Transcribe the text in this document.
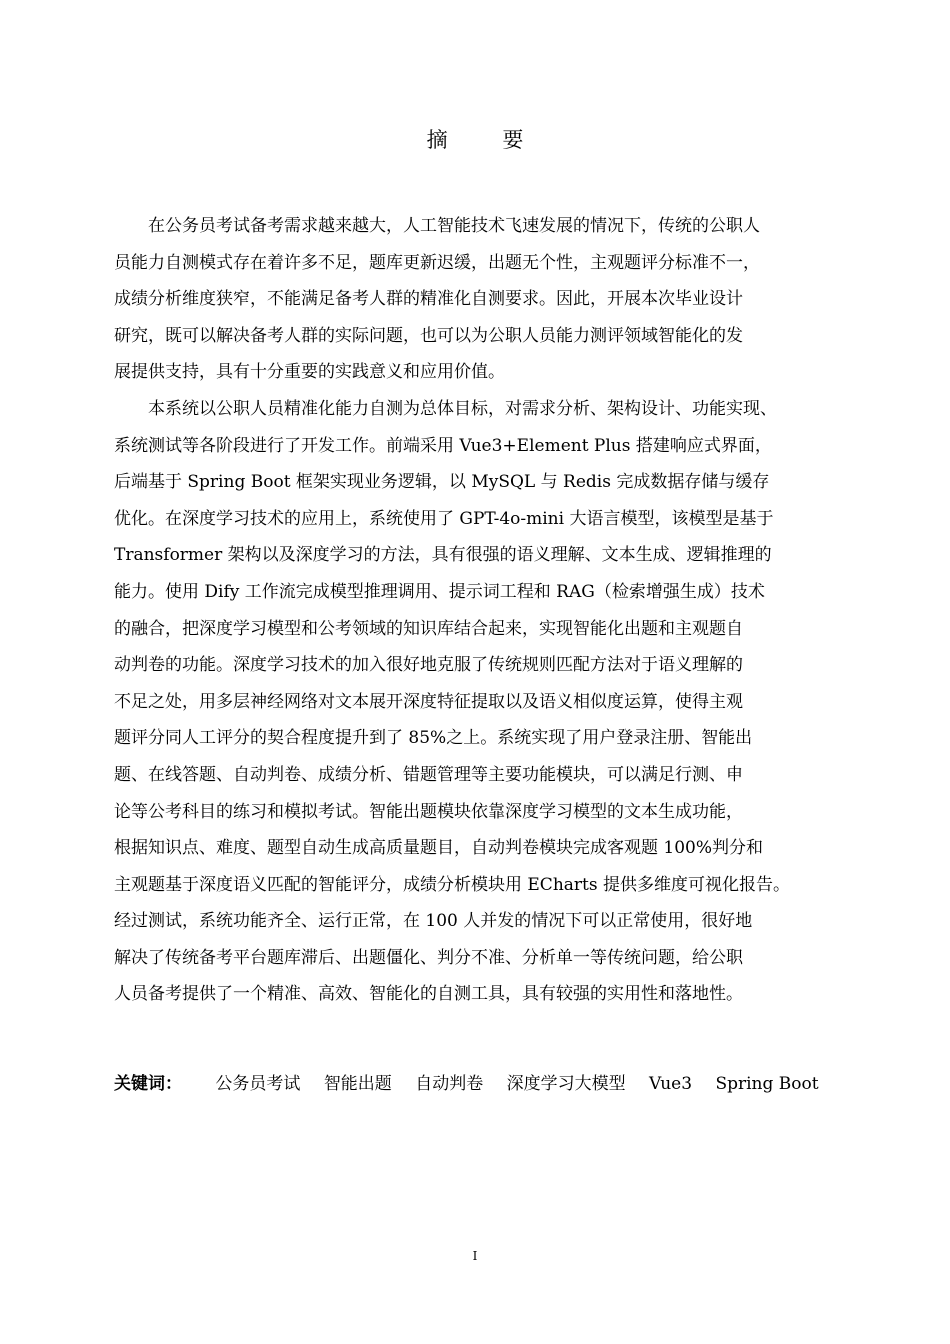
摘 要
在公务员考试备考需求越来越大，人工智能技术飞速发展的情况下，传统的公职人
员能力自测模式存在着许多不足，题库更新迟缓，出题无个性，主观题评分标准不一，
成绩分析维度狭窄，不能满足备考人群的精准化自测要求。因此，开展本次毕业设计
研究，既可以解决备考人群的实际问题，也可以为公职人员能力测评领域智能化的发
展提供支持，具有十分重要的实践意义和应用价值。
本系统以公职人员精准化能力自测为总体目标，对需求分析、架构设计、功能实现、
系统测试等各阶段进行了开发工作。前端采用 Vue3+Element Plus 搭建响应式界面，
后端基于 Spring Boot 框架实现业务逻辑，以 MySQL 与 Redis 完成数据存储与缓存
优化。在深度学习技术的应用上，系统使用了 GPT-4o-mini 大语言模型，该模型是基于
Transformer 架构以及深度学习的方法，具有很强的语义理解、文本生成、逻辑推理的
能力。使用 Dify 工作流完成模型推理调用、提示词工程和 RAG（检索增强生成）技术
的融合，把深度学习模型和公考领域的知识库结合起来，实现智能化出题和主观题自
动判卷的功能。深度学习技术的加入很好地克服了传统规则匹配方法对于语义理解的
不足之处，用多层神经网络对文本展开深度特征提取以及语义相似度运算，使得主观
题评分同人工评分的契合程度提升到了 85%之上。系统实现了用户登录注册、智能出
题、在线答题、自动判卷、成绩分析、错题管理等主要功能模块，可以满足行测、申
论等公考科目的练习和模拟考试。智能出题模块依靠深度学习模型的文本生成功能，
根据知识点、难度、题型自动生成高质量题目，自动判卷模块完成客观题 100%判分和
主观题基于深度语义匹配的智能评分，成绩分析模块用 ECharts 提供多维度可视化报告。
经过测试，系统功能齐全、运行正常，在 100 人并发的情况下可以正常使用，很好地
解决了传统备考平台题库滞后、出题僵化、判分不准、分析单一等传统问题，给公职
人员备考提供了一个精准、高效、智能化的自测工具，具有较强的实用性和落地性。
关键词： 公务员考试 智能出题 自动判卷 深度学习大模型 Vue3 Spring Boot
I
